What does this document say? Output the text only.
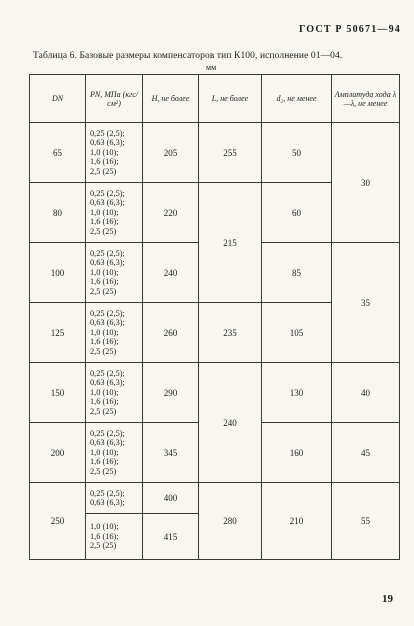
ГОСТ Р 50671—94
Таблица 6. Базовые размеры компенсаторов тип К100, исполнение 01—04.
мм
DN	PN, МПа (кгс/см²)	H, не более	L, не более	d₂, не менее	Амплитуда хода λ—λ, не менее
65	0,25 (2,5);
0,63 (6,3);
1,0 (10);
1,6 (16);
2,5 (25)	205	255	50	30
80	0,25 (2,5);
0,63 (6,3);
1,0 (10);
1,6 (16);
2,5 (25)	220	215	60	
100	0,25 (2,5);
0,63 (6,3);
1,0 (10);
1,6 (16);
2,5 (25)	240		85	35
125	0,25 (2,5);
0,63 (6,3);
1,0 (10);
1,6 (16);
2,5 (25)	260	235	105	
150	0,25 (2,5);
0,63 (6,3);
1,0 (10);
1,6 (16);
2,5 (25)	290	240	130	40
200	0,25 (2,5);
0,63 (6,3);
1,0 (10);
1,6 (16);
2,5 (25)	345		160	45
250	0,25 (2,5);
0,63 (6,3);	400	280	210	55

	1,0 (10);
1,6 (16);
2,5 (25)	415			
19
